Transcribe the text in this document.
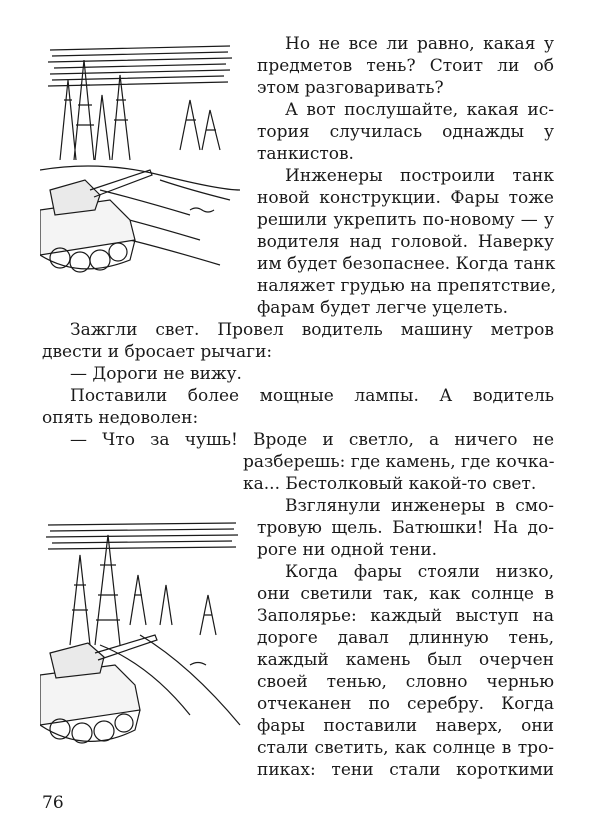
Но не все ли равно, какая у
предметов тень? Стоит ли об
этом разговаривать?
А вот послушайте, какая ис-
тория случилась однажды у
танкистов.
Инженеры построили танк
новой конструкции. Фары тоже
решили укрепить по-новому — у
водителя над головой. Наверку
им будет безопаснее. Когда танк
наляжет грудью на препятствие,
фарам будет легче уцелеть.
Зажгли свет. Провел водитель машину метров
двести и бросает рычаги:
— Дороги не вижу.
Поставили более мощные лампы. А водитель
опять недоволен:
— Что за чушь! Вроде и светло, а ничего не
разберешь: где камень, где кочка-
ка... Бестолковый какой-то свет.
Взглянули инженеры в смо-
тровую щель. Батюшки! На до-
роге ни одной тени.
Когда фары стояли низко,
они светили так, как солнце в
Заполярье: каждый выступ на
дороге давал длинную тень,
каждый камень был очерчен
своей тенью, словно чернью
отчеканен по серебру. Когда
фары поставили наверх, они
стали светить, как солнце в тро-
пиках: тени стали короткими
76
